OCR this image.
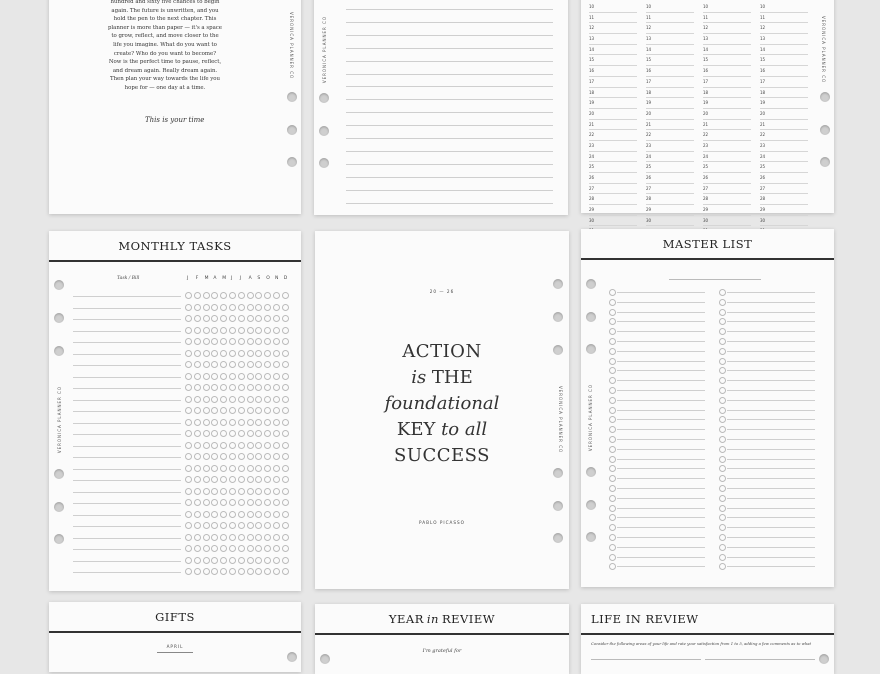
hundred and sixty five chances to begin
again. The future is unwritten, and you
hold the pen to the next chapter. This
planner is more than paper — it's a space
to grow, reflect, and move closer to the
life you imagine. What do you want to
create? Who do you want to become?
Now is the perfect time to pause, reflect,
and dream again. Really dream again.
Then plan your way towards the life you
hope for — one day at a time.
This is your time
VERONICA PLANNER CO	VERONICA PLANNER CO
10
11
12
13
14
15
16
17
18
19
20
21
22
23
24
25
26
27
28
29
30
10
11
12
13
14
15
16
17
18
19
20
21
22
23
24
25
26
27
28
29
30
10
11
12
13
14
15
16
17
18
19
20
21
22
23
24
25
26
27
28
29
30
10
11
12
13
14
15
16
17
18
19
20
21
22
23
24
25
26
27
28
29
30
VERONICA PLANNER CO
MONTHLY TASKS
Task / Bill	J F M A M J J A S O N D
VERONICA PLANNER CO
20 — 26
ACTION
is THE
foundational
KEY to all
SUCCESS
PABLO PICASSO
VERONICA PLANNER CO
MASTER LIST
VERONICA PLANNER CO
GIFTS
APRIL
YEAR in REVIEW
I'm grateful for
LIFE IN REVIEW
Consider the following areas of your life and rate your satisfaction from 1 to 5, adding a few comments as to what
